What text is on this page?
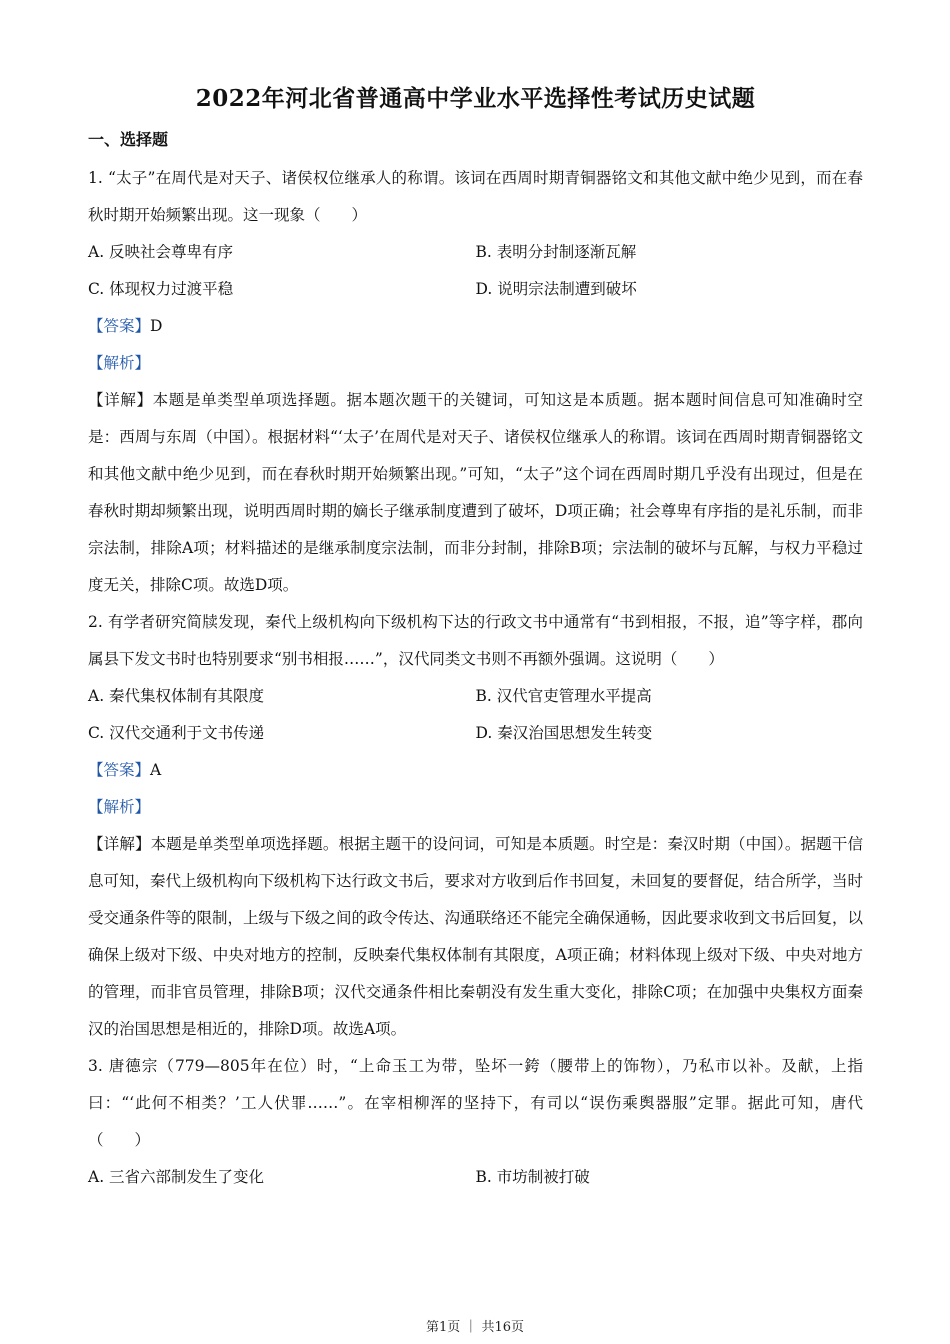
2022年河北省普通高中学业水平选择性考试历史试题
一、选择题

1. “太子”在周代是对天子、诸侯权位继承人的称谓。该词在西周时期青铜器铭文和其他文献中绝少见到，而在春秋时期开始频繁出现。这一现象（　　）

A. 反映社会尊卑有序	B. 表明分封制逐渐瓦解
C. 体现权力过渡平稳	D. 说明宗法制遭到破坏

【答案】D

【解析】

【详解】本题是单类型单项选择题。据本题次题干的关键词，可知这是本质题。据本题时间信息可知准确时空是：西周与东周（中国）。根据材料“‘太子’在周代是对天子、诸侯权位继承人的称谓。该词在西周时期青铜器铭文和其他文献中绝少见到，而在春秋时期开始频繁出现。”可知，“太子”这个词在西周时期几乎没有出现过，但是在春秋时期却频繁出现，说明西周时期的嫡长子继承制度遭到了破坏，D项正确；社会尊卑有序指的是礼乐制，而非宗法制，排除A项；材料描述的是继承制度宗法制，而非分封制，排除B项；宗法制的破坏与瓦解，与权力平稳过度无关，排除C项。故选D项。

2. 有学者研究简牍发现，秦代上级机构向下级机构下达的行政文书中通常有“书到相报，不报，追”等字样，郡向属县下发文书时也特别要求“别书相报……”，汉代同类文书则不再额外强调。这说明（　　）

A. 秦代集权体制有其限度	B. 汉代官吏管理水平提高
C. 汉代交通利于文书传递	D. 秦汉治国思想发生转变

【答案】A

【解析】

【详解】本题是单类型单项选择题。根据主题干的设问词，可知是本质题。时空是：秦汉时期（中国）。据题干信息可知，秦代上级机构向下级机构下达行政文书后，要求对方收到后作书回复，未回复的要督促，结合所学，当时受交通条件等的限制，上级与下级之间的政令传达、沟通联络还不能完全确保通畅，因此要求收到文书后回复，以确保上级对下级、中央对地方的控制，反映秦代集权体制有其限度，A项正确；材料体现上级对下级、中央对地方的管理，而非官员管理，排除B项；汉代交通条件相比秦朝没有发生重大变化，排除C项；在加强中央集权方面秦汉的治国思想是相近的，排除D项。故选A项。

3. 唐德宗（779—805年在位）时，“上命玉工为带，坠坏一銙（腰带上的饰物），乃私市以补。及献，上指曰：“‘此何不相类？’工人伏罪……”。在宰相柳浑的坚持下，有司以“误伤乘舆器服”定罪。据此可知，唐代（　　）

A. 三省六部制发生了变化	B. 市坊制被打破
第1页 ｜ 共16页
